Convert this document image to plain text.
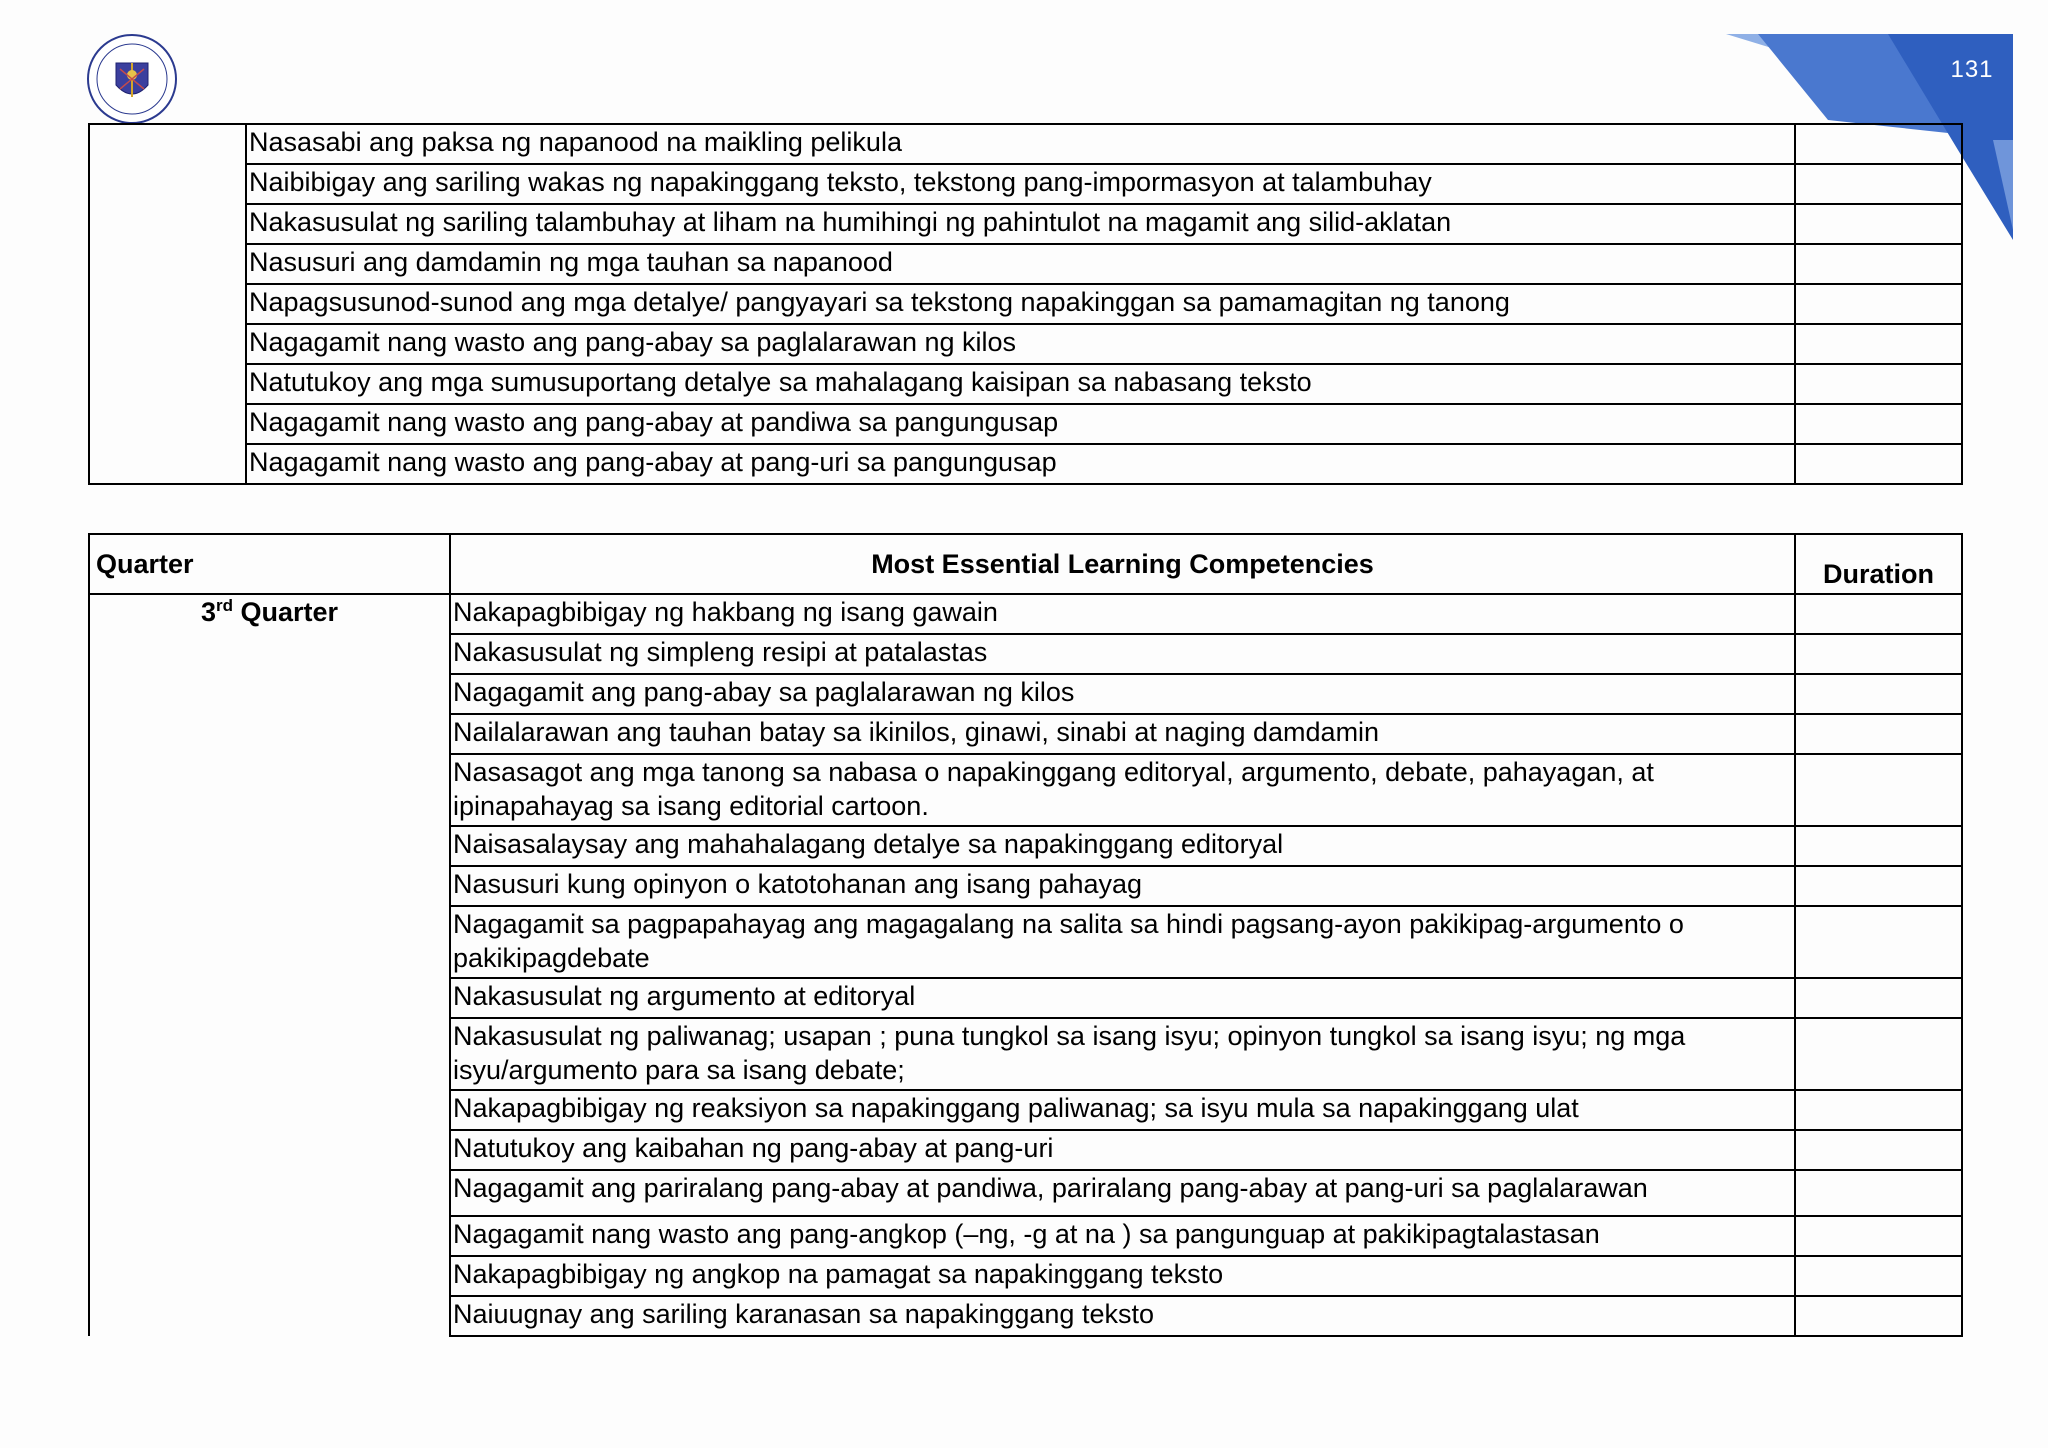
131
	Nasasabi ang paksa ng napanood na maikling pelikula	
	Naibibigay ang sariling wakas ng napakinggang teksto, tekstong pang-impormasyon at talambuhay	
	Nakasusulat ng sariling talambuhay at liham na humihingi ng pahintulot na magamit ang silid-aklatan	
	Nasusuri ang damdamin ng mga tauhan sa napanood	
	Napagsusunod-sunod ang mga detalye/ pangyayari sa tekstong napakinggan sa pamamagitan ng tanong	
	Nagagamit nang wasto ang pang-abay sa paglalarawan ng kilos	
	Natutukoy ang mga sumusuportang detalye sa mahalagang kaisipan sa nabasang teksto	
	Nagagamit nang wasto ang pang-abay at pandiwa sa pangungusap	
	Nagagamit nang wasto ang pang-abay at pang-uri sa pangungusap	
Quarter	Most Essential Learning Competencies	Duration
3rd Quarter	Nakapagbibigay ng hakbang ng isang gawain	
	Nakasusulat ng simpleng resipi at patalastas	
	Nagagamit ang pang-abay sa paglalarawan ng kilos	
	Nailalarawan ang tauhan batay sa ikinilos, ginawi, sinabi at naging damdamin	
	Nasasagot ang mga tanong sa nabasa o napakinggang editoryal, argumento, debate, pahayagan, at ipinapahayag sa isang editorial cartoon.	
	Naisasalaysay ang mahahalagang detalye sa napakinggang editoryal	
	Nasusuri kung opinyon o katotohanan ang isang pahayag	
	Nagagamit sa pagpapahayag ang magagalang na salita sa hindi pagsang-ayon pakikipag-argumento o pakikipagdebate	
	Nakasusulat ng argumento at editoryal	
	Nakasusulat ng paliwanag; usapan ; puna tungkol sa isang isyu; opinyon tungkol sa isang isyu; ng mga isyu/argumento para sa isang debate;	
	Nakapagbibigay ng reaksiyon sa napakinggang paliwanag; sa isyu mula sa napakinggang ulat	
	Natutukoy ang kaibahan ng pang-abay at pang-uri	
	Nagagamit ang pariralang pang-abay at pandiwa, pariralang pang-abay at pang-uri sa paglalarawan	
	Nagagamit nang wasto ang pang-angkop (–ng, -g at na ) sa pangunguap at pakikipagtalastasan	
	Nakapagbibigay ng angkop na pamagat sa napakinggang teksto	
	Naiuugnay ang sariling karanasan sa napakinggang teksto	
